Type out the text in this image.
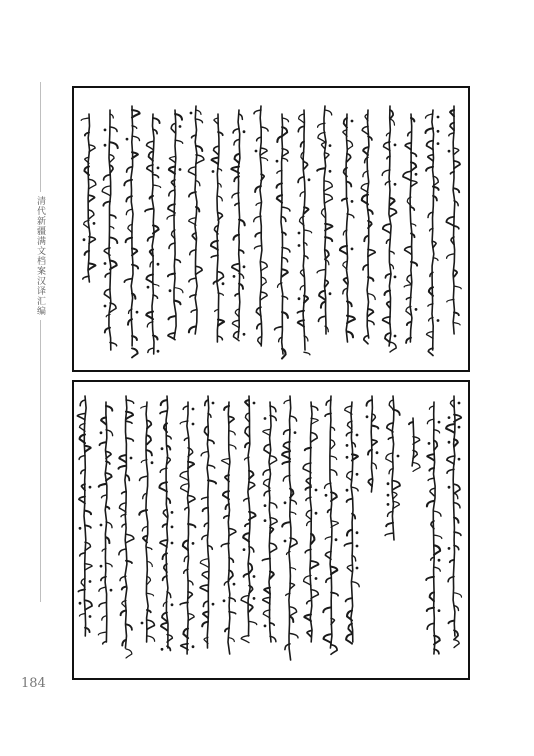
清代新疆满文档案汉译汇编
184
